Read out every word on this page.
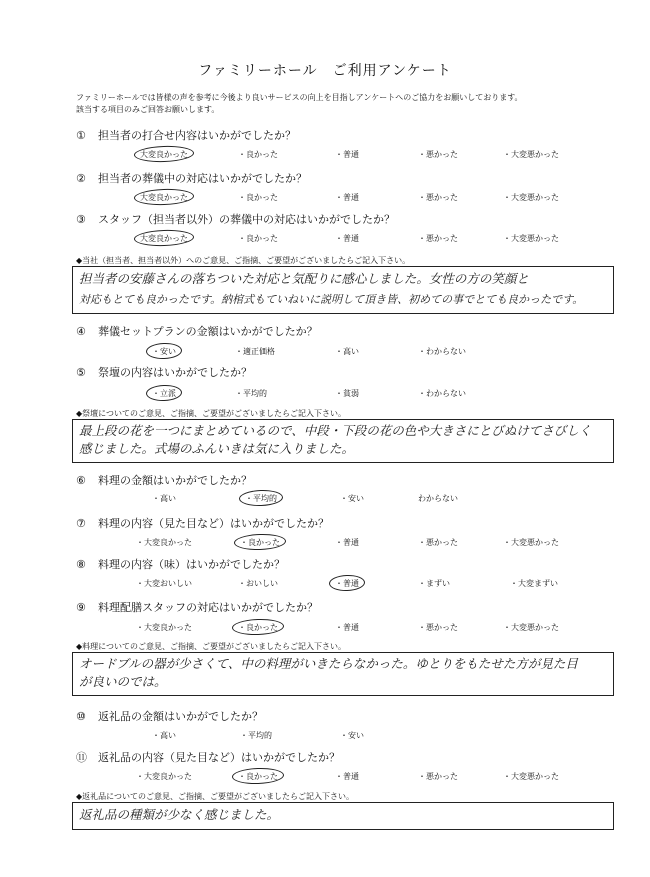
ファミリーホール　ご利用アンケート
ファミリーホールでは皆様の声を参考に今後より良いサービスの向上を目指しアンケートへのご協力をお願いしております。
該当する項目のみご回答お願いします。
① 担当者の打合せ内容はいかがでしたか？
大変良かった	・良かった	・普通	・悪かった	・大変悪かった
② 担当者の葬儀中の対応はいかがでしたか？
大変良かった	・良かった	・普通	・悪かった	・大変悪かった
③ スタッフ（担当者以外）の葬儀中の対応はいかがでしたか？
大変良かった	・良かった	・普通	・悪かった	・大変悪かった
◆当社（担当者、担当者以外）へのご意見、ご指摘、ご要望がございましたらご記入下さい。
担当者の安藤さんの落ちついた対応と気配りに感心しました。女性の方の笑顔と
対応もとても良かったです。納棺式もていねいに説明して頂き皆、初めての事でとても良かったです。
④ 葬儀セットプランの金額はいかがでしたか？
・安い	・適正価格	・高い	・わからない
⑤ 祭壇の内容はいかがでしたか？
・立派	・平均的	・貧弱	・わからない
◆祭壇についてのご意見、ご指摘、ご要望がございましたらご記入下さい。
最上段の花を一つにまとめているので、中段・下段の花の色や大きさにとびぬけてさびしく
感じました。式場のふんいきは気に入りました。
⑥ 料理の金額はいかがでしたか？
・高い	・平均的	・安い	わからない
⑦ 料理の内容（見た目など）はいかがでしたか？
・大変良かった	・良かった	・普通	・悪かった	・大変悪かった
⑧ 料理の内容（味）はいかがでしたか？
・大変おいしい	・おいしい	・普通	・まずい	・大変まずい
⑨ 料理配膳スタッフの対応はいかがでしたか？
・大変良かった	・良かった	・普通	・悪かった	・大変悪かった
◆料理についてのご意見、ご指摘、ご要望がございましたらご記入下さい。
オードブルの器が少さくて、中の料理がいきたらなかった。ゆとりをもたせた方が見た目
が良いのでは。
⑩ 返礼品の金額はいかがでしたか？
・高い	・平均的	・安い
⑪ 返礼品の内容（見た目など）はいかがでしたか？
・大変良かった	・良かった	・普通	・悪かった	・大変悪かった
◆返礼品についてのご意見、ご指摘、ご要望がございましたらご記入下さい。
返礼品の種類が少なく感じました。
